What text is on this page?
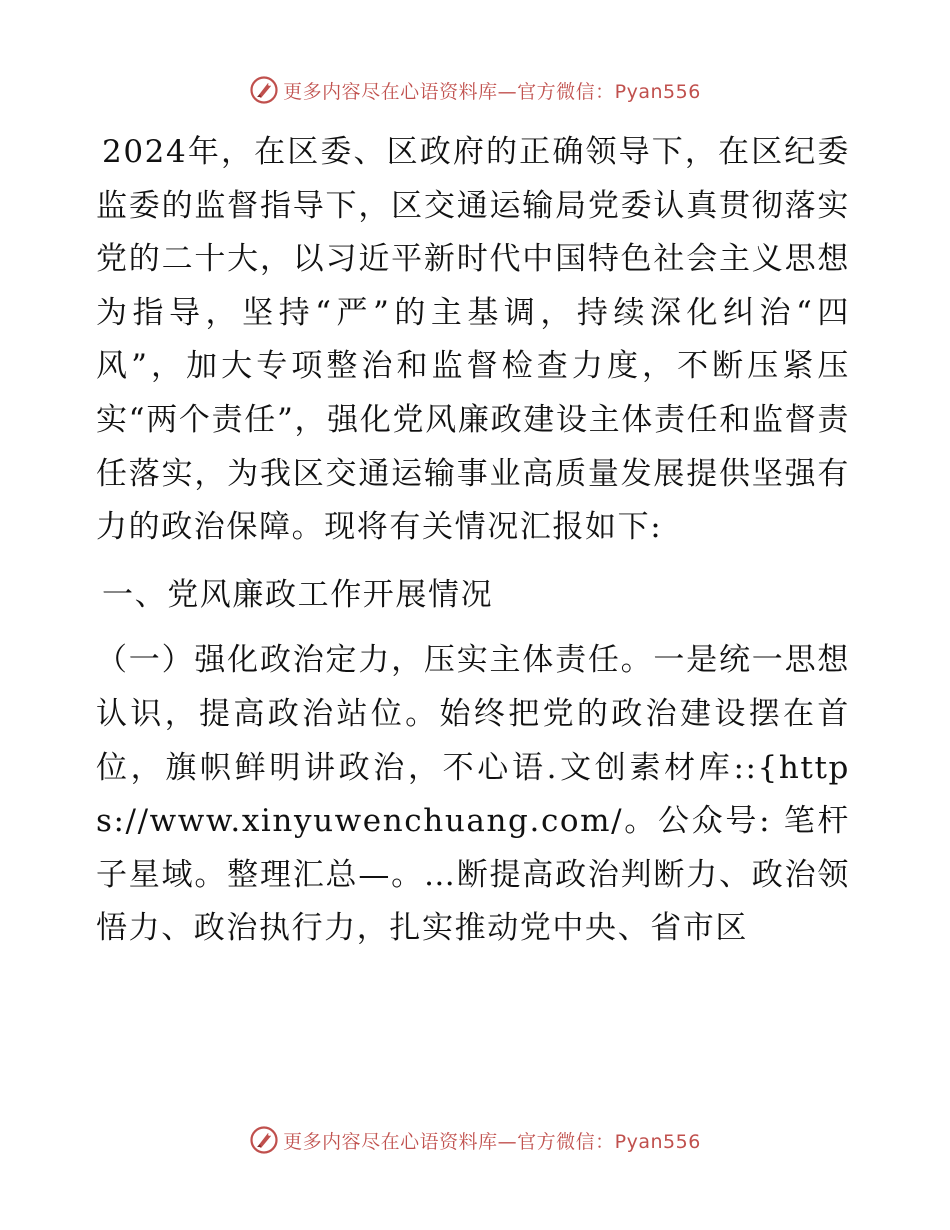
更多内容尽在心语资料库—官方微信：Pyan556

2024年，在区委、区政府的正确领导下，在区纪委监委的监督指导下，区交通运输局党委认真贯彻落实党的二十大，以习近平新时代中国特色社会主义思想为指导，坚持“严”的主基调，持续深化纠治“四风”，加大专项整治和监督检查力度，不断压紧压实“两个责任”，强化党风廉政建设主体责任和监督责任落实，为我区交通运输事业高质量发展提供坚强有力的政治保障。现将有关情况汇报如下:

一、党风廉政工作开展情况

（一）强化政治定力，压实主体责任。一是统一思想认识，提高政治站位。始终把党的政治建设摆在首位，旗帜鲜明讲政治，不心语.文创素材库::{https://www.xinyuwenchuang.com/。公众号: 笔杆子星域。整理汇总—。…断提高政治判断力、政治领悟力、政治执行力，扎实推动党中央、省市区

更多内容尽在心语资料库—官方微信：Pyan556
